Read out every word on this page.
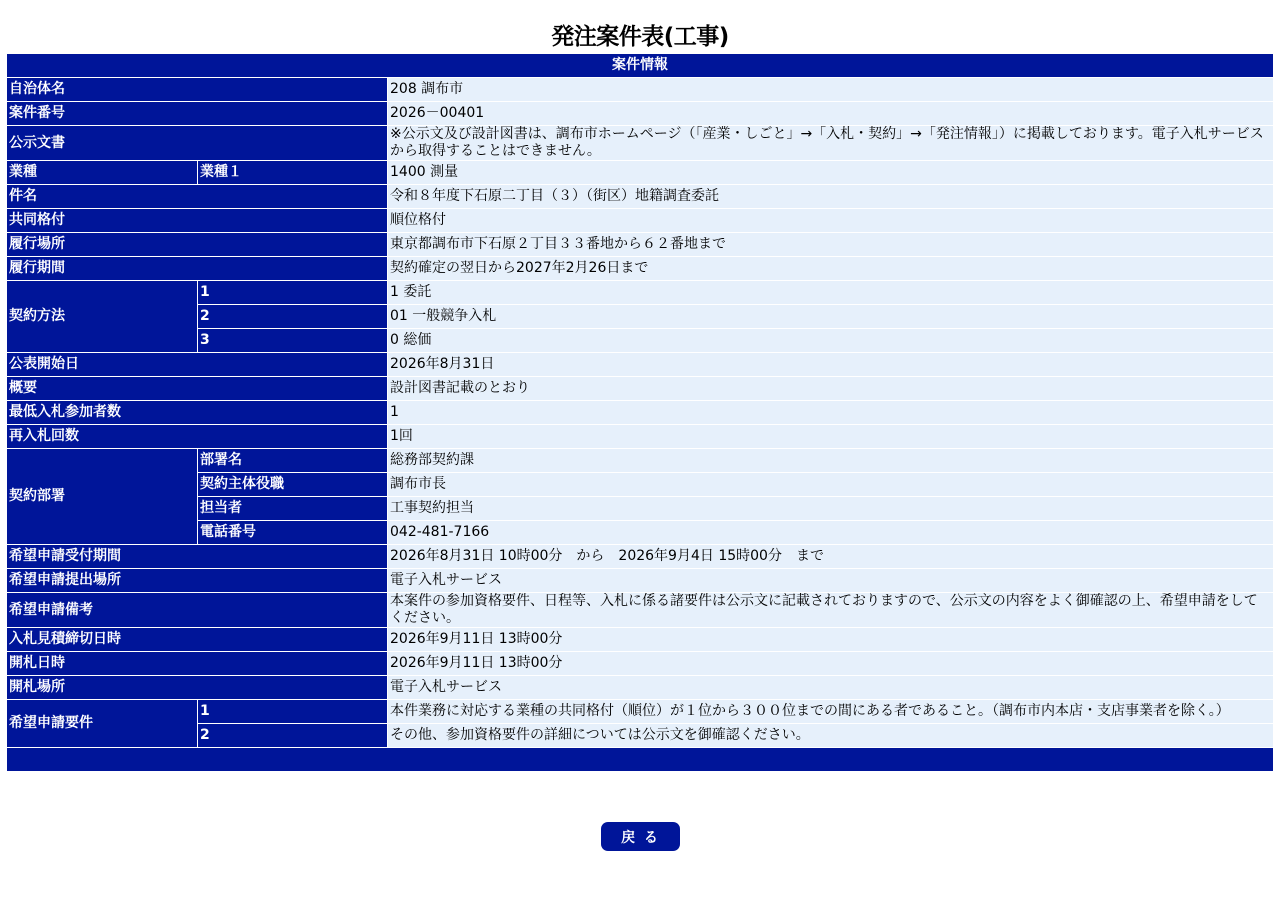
発注案件表(工事)
案件情報		
自治体名		208 調布市
案件番号		2026－00401
公示文書		※公示文及び設計図書は、調布市ホームページ（「産業・しごと」→「入札・契約」→「発注情報」）に掲載しております。電子入札サービスから取得することはできません。
業種	業種１	1400 測量
件名		令和８年度下石原二丁目（３）（街区）地籍調査委託
共同格付		順位格付
履行場所		東京都調布市下石原２丁目３３番地から６２番地まで
履行期間		契約確定の翌日から2027年2月26日まで
契約方法	1	1 委託
	2	01 一般競争入札
	3	0 総価
公表開始日		2026年8月31日
概要		設計図書記載のとおり
最低入札参加者数		1
再入札回数		1回
契約部署	部署名	総務部契約課
	契約主体役職	調布市長
	担当者	工事契約担当
	電話番号	042-481-7166
希望申請受付期間		2026年8月31日 10時00分　から　2026年9月4日 15時00分　まで
希望申請提出場所		電子入札サービス
希望申請備考		本案件の参加資格要件、日程等、入札に係る諸要件は公示文に記載されておりますので、公示文の内容をよく御確認の上、希望申請をしてください。
入札見積締切日時		2026年9月11日 13時00分
開札日時		2026年9月11日 13時00分
開札場所		電子入札サービス
希望申請要件	1	本件業務に対応する業種の共同格付（順位）が１位から３００位までの間にある者であること。（調布市内本店・支店事業者を除く。）
	2	その他、参加資格要件の詳細については公示文を御確認ください。

戻 る
